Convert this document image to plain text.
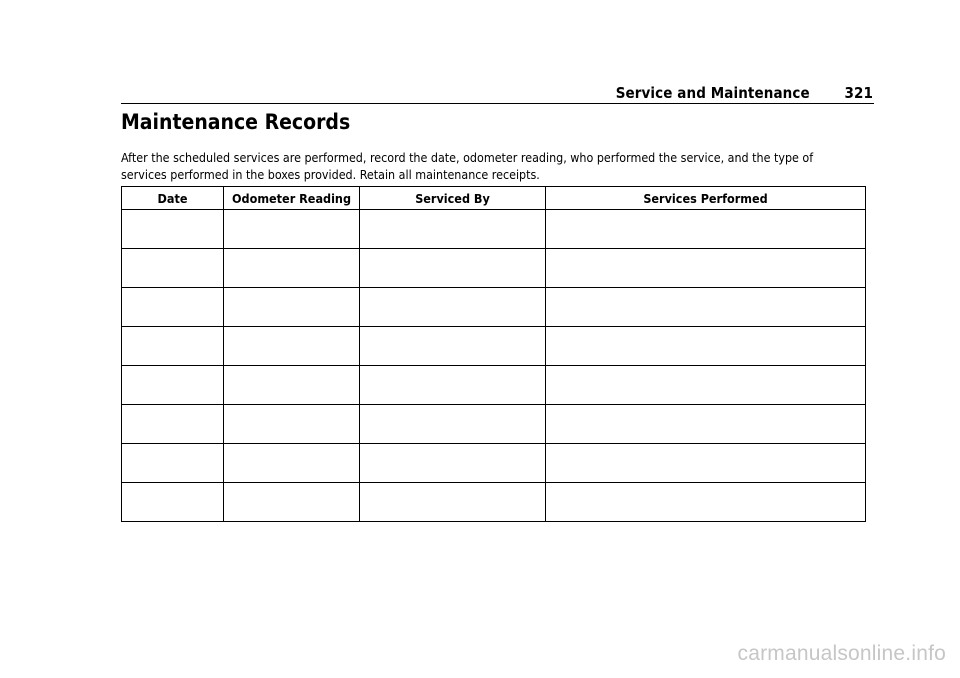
Service and Maintenance 321
Maintenance Records

After the scheduled services are performed, record the date, odometer reading, who performed the service, and the type of services performed in the boxes provided. Retain all maintenance receipts.

Date	Odometer Reading	Serviced By	Services Performed

carmanualsonline.info
